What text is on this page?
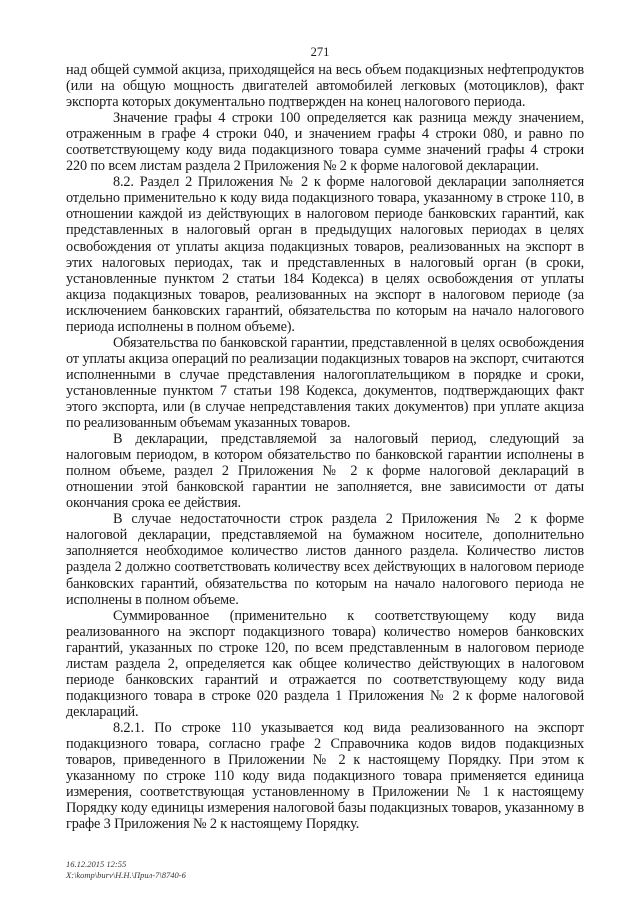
271

над общей суммой акциза, приходящейся на весь объем подакцизных нефтепродуктов (или на общую мощность двигателей автомобилей легковых (мотоциклов), факт экспорта которых документально подтвержден на конец налогового периода.

Значение графы 4 строки 100 определяется как разница между значением, отраженным в графе 4 строки 040, и значением графы 4 строки 080, и равно по соответствующему коду вида подакцизного товара сумме значений графы 4 строки 220 по всем листам раздела 2 Приложения № 2 к форме налоговой декларации.

8.2. Раздел 2 Приложения № 2 к форме налоговой декларации заполняется отдельно применительно к коду вида подакцизного товара, указанному в строке 110, в отношении каждой из действующих в налоговом периоде банковских гарантий, как представленных в налоговый орган в предыдущих налоговых периодах в целях освобождения от уплаты акциза подакцизных товаров, реализованных на экспорт в этих налоговых периодах, так и представленных в налоговый орган (в сроки, установленные пунктом 2 статьи 184 Кодекса) в целях освобождения от уплаты акциза подакцизных товаров, реализованных на экспорт в налоговом периоде (за исключением банковских гарантий, обязательства по которым на начало налогового периода исполнены в полном объеме).

Обязательства по банковской гарантии, представленной в целях освобождения от уплаты акциза операций по реализации подакцизных товаров на экспорт, считаются исполненными в случае представления налогоплательщиком в порядке и сроки, установленные пунктом 7 статьи 198 Кодекса, документов, подтверждающих факт этого экспорта, или (в случае непредставления таких документов) при уплате акциза по реализованным объемам указанных товаров.

В декларации, представляемой за налоговый период, следующий за налоговым периодом, в котором обязательство по банковской гарантии исполнены в полном объеме, раздел 2 Приложения № 2 к форме налоговой деклараций в отношении этой банковской гарантии не заполняется, вне зависимости от даты окончания срока ее действия.

В случае недостаточности строк раздела 2 Приложения № 2 к форме налоговой декларации, представляемой на бумажном носителе, дополнительно заполняется необходимое количество листов данного раздела. Количество листов раздела 2 должно соответствовать количеству всех действующих в налоговом периоде банковских гарантий, обязательства по которым на начало налогового периода не исполнены в полном объеме.

Суммированное (применительно к соответствующему коду вида реализованного на экспорт подакцизного товара) количество номеров банковских гарантий, указанных по строке 120, по всем представленным в налоговом периоде листам раздела 2, определяется как общее количество действующих в налоговом периоде банковских гарантий и отражается по соответствующему коду вида подакцизного товара в строке 020 раздела 1 Приложения № 2 к форме налоговой деклараций.

8.2.1. По строке 110 указывается код вида реализованного на экспорт подакцизного товара, согласно графе 2 Справочника кодов видов подакцизных товаров, приведенного в Приложении № 2 к настоящему Порядку. При этом к указанному по строке 110 коду вида подакцизного товара применяется единица измерения, соответствующая установленному в Приложении № 1 к настоящему Порядку коду единицы измерения налоговой базы подакцизных товаров, указанному в графе 3 Приложения № 2 к настоящему Порядку.

16.12.2015 12:55
X:\komp\burv\Н.Н.\Прил-7\8740-6
